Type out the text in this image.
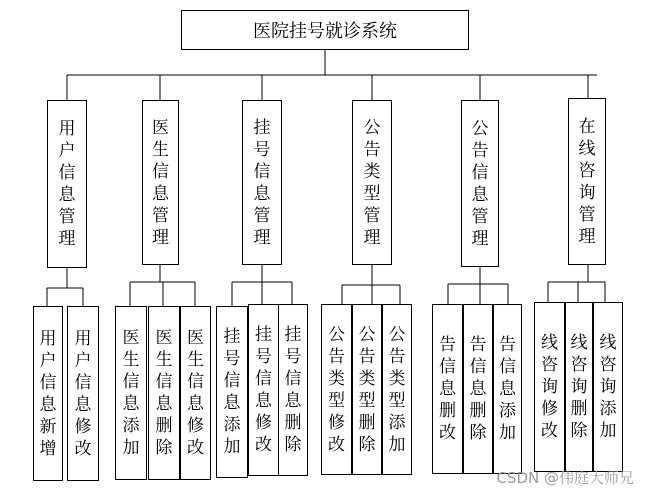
医院挂号就诊系统
用
户
信
息
管
理
医
生
信
息
管
理
挂
号
信
息
管
理
公
告
类
型
管
理
公
告
信
息
管
理
在
线
咨
询
管
理
用
户
信
息
新
增
用
户
信
息
修
改
医
生
信
息
添
加
医
生
信
息
删
除
医
生
信
息
修
改
挂
号
信
息
添
加
挂
号
信
息
修
改
挂
号
信
息
删
除
公
告
类
型
修
改
公
告
类
型
删
除
公
告
类
型
添
加
告
信
息
删
改
告
信
息
删
除
告
信
息
添
加
线
咨
询
修
改
线
咨
询
删
除
线
咨
询
添
加
CSDN @伟庭大师兄
